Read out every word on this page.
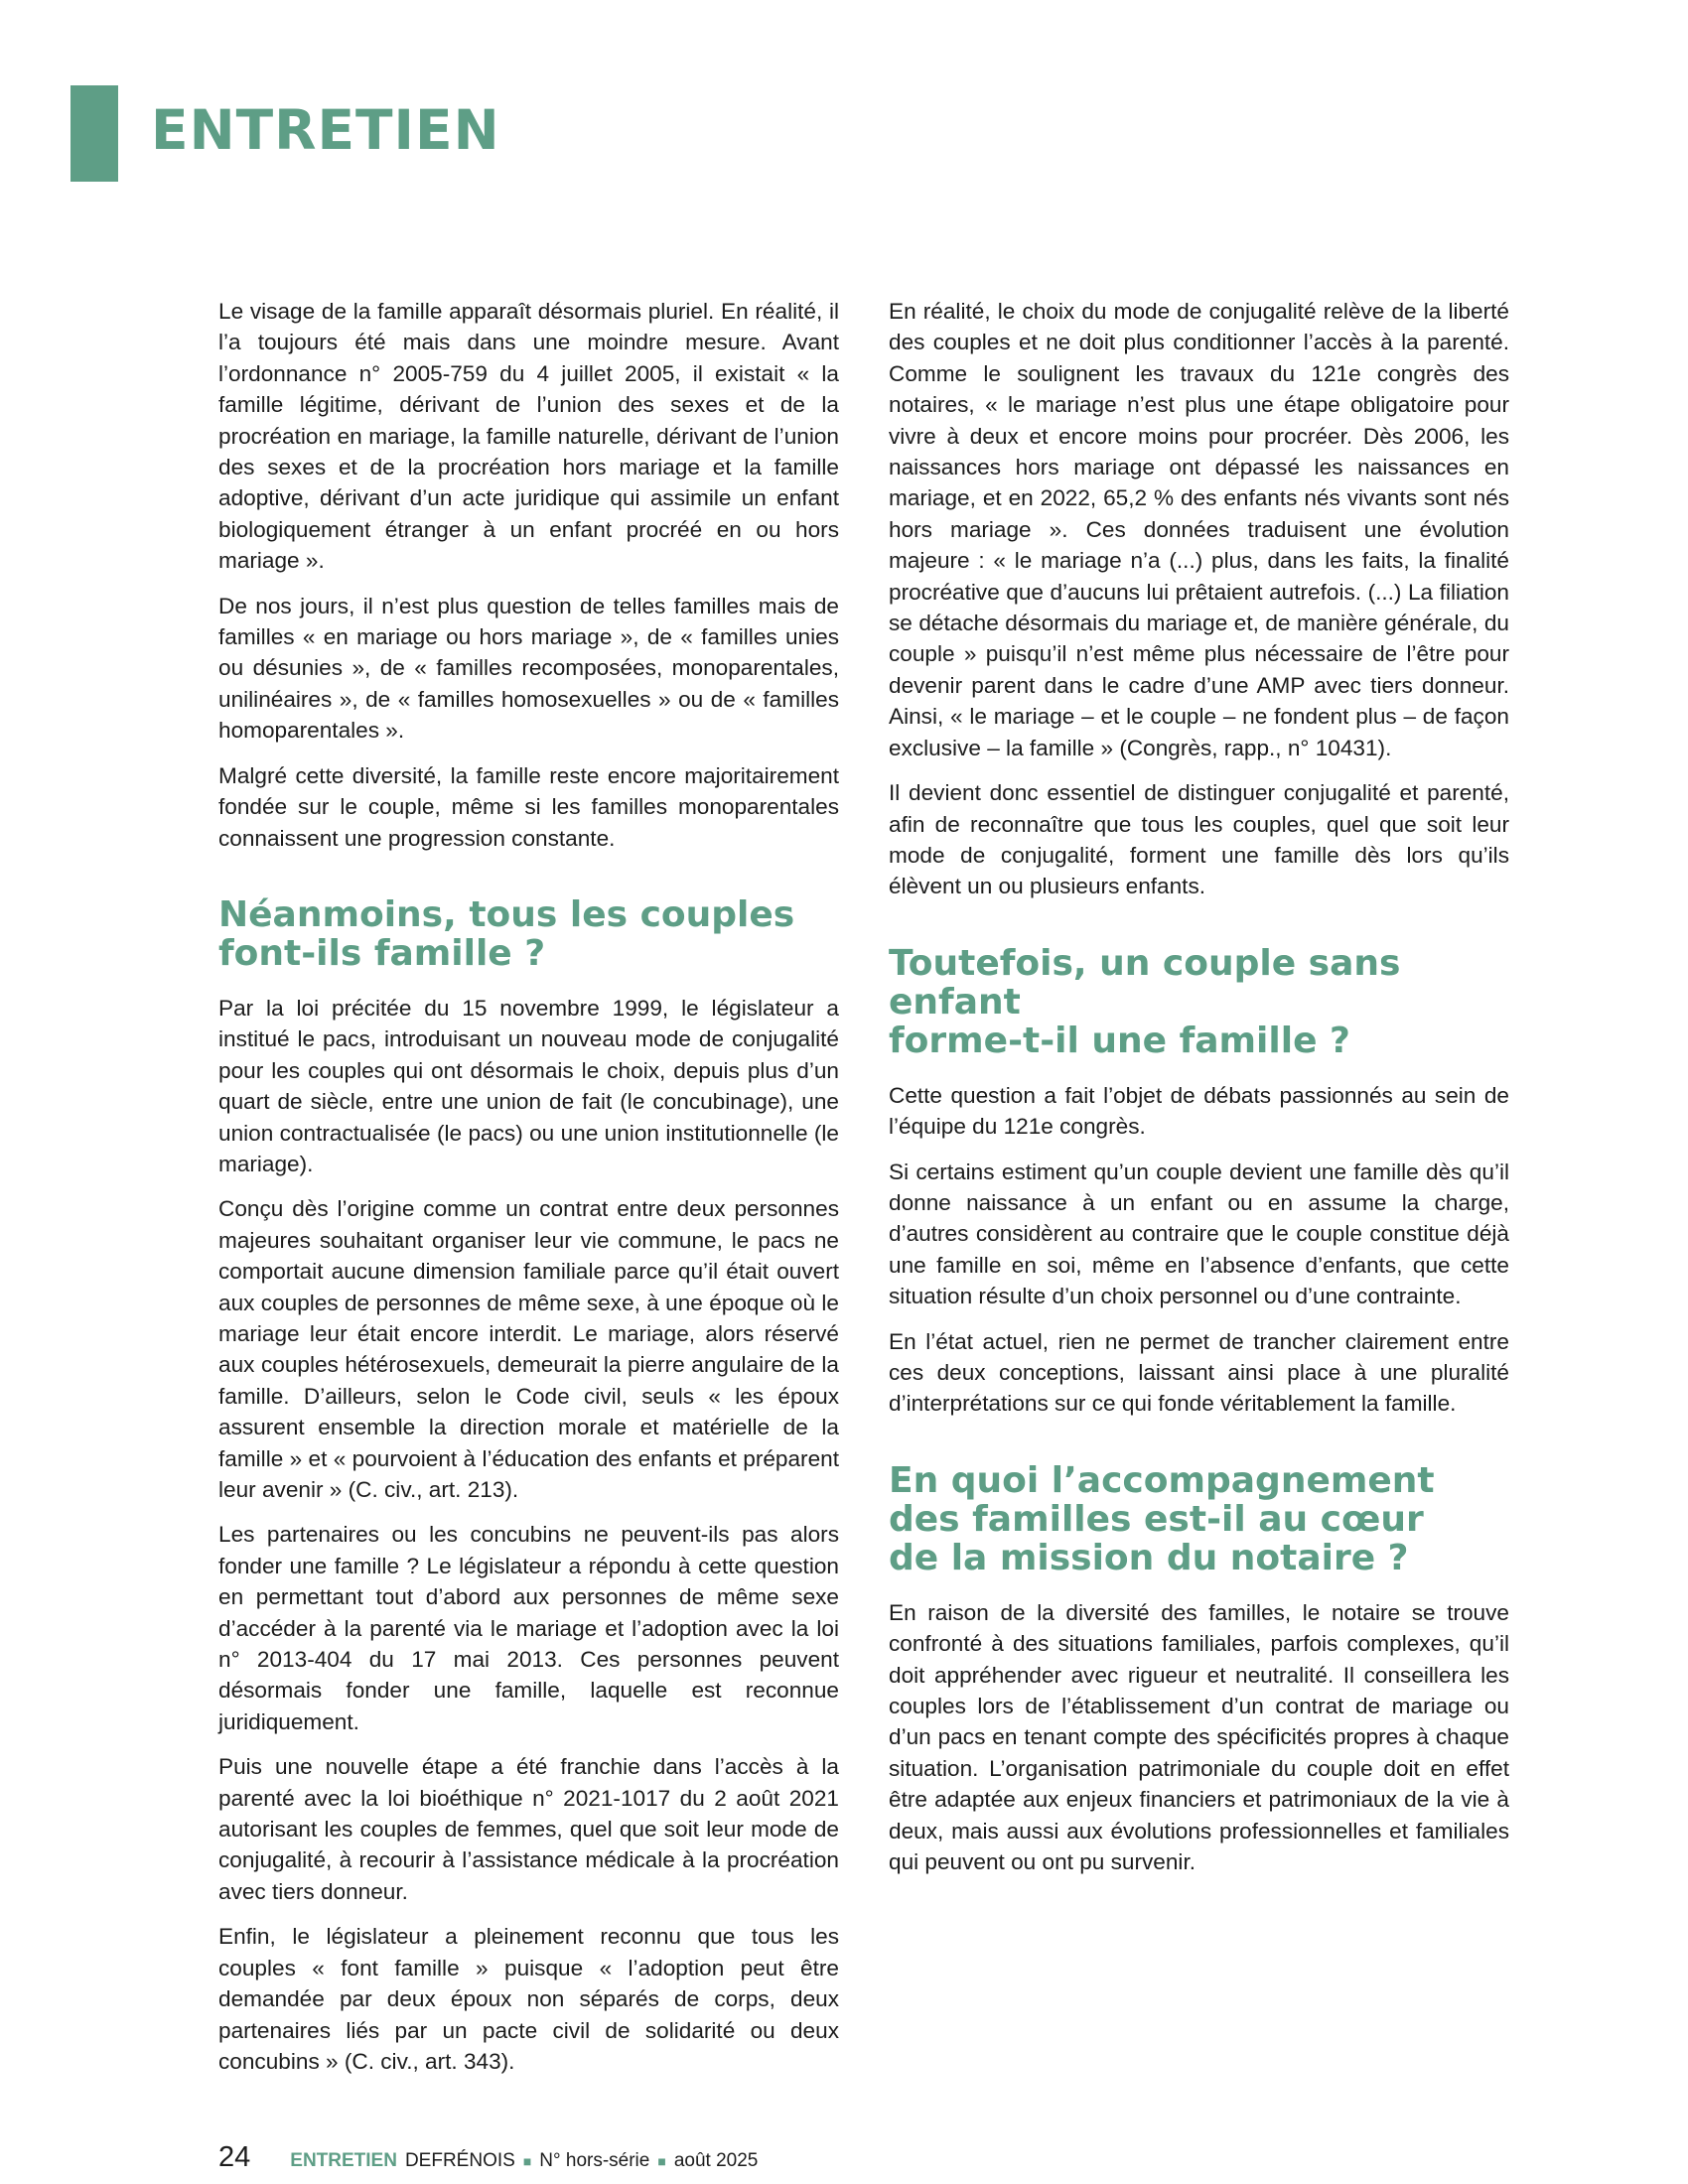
ENTRETIEN

Le visage de la famille apparaît désormais pluriel. En réalité, il l’a toujours été mais dans une moindre mesure. Avant l’ordonnance n° 2005-759 du 4 juillet 2005, il existait « la famille légitime, dérivant de l’union des sexes et de la procréation en mariage, la famille naturelle, dérivant de l’union des sexes et de la procréation hors mariage et la famille adoptive, dérivant d’un acte juridique qui assimile un enfant biologiquement étranger à un enfant procréé en ou hors mariage ».

De nos jours, il n’est plus question de telles familles mais de familles « en mariage ou hors mariage », de « familles unies ou désunies », de « familles recomposées, monoparentales, unilinéaires », de « familles homosexuelles » ou de « familles homoparentales ».

Malgré cette diversité, la famille reste encore majoritairement fondée sur le couple, même si les familles monoparentales connaissent une progression constante.

Néanmoins, tous les couples
font-ils famille ?

Par la loi précitée du 15 novembre 1999, le législateur a institué le pacs, introduisant un nouveau mode de conjugalité pour les couples qui ont désormais le choix, depuis plus d’un quart de siècle, entre une union de fait (le concubinage), une union contractualisée (le pacs) ou une union institutionnelle (le mariage).

Conçu dès l’origine comme un contrat entre deux personnes majeures souhaitant organiser leur vie commune, le pacs ne comportait aucune dimension familiale parce qu’il était ouvert aux couples de personnes de même sexe, à une époque où le mariage leur était encore interdit. Le mariage, alors réservé aux couples hétérosexuels, demeurait la pierre angulaire de la famille. D’ailleurs, selon le Code civil, seuls « les époux assurent ensemble la direction morale et matérielle de la famille » et « pourvoient à l’éducation des enfants et préparent leur avenir » (C. civ., art. 213).

Les partenaires ou les concubins ne peuvent-ils pas alors fonder une famille ? Le législateur a répondu à cette question en permettant tout d’abord aux personnes de même sexe d’accéder à la parenté via le mariage et l’adoption avec la loi n° 2013-404 du 17 mai 2013. Ces personnes peuvent désormais fonder une famille, laquelle est reconnue juridiquement.

Puis une nouvelle étape a été franchie dans l’accès à la parenté avec la loi bioéthique n° 2021-1017 du 2 août 2021 autorisant les couples de femmes, quel que soit leur mode de conjugalité, à recourir à l’assistance médicale à la procréation avec tiers donneur.

Enfin, le législateur a pleinement reconnu que tous les couples « font famille » puisque « l’adoption peut être demandée par deux époux non séparés de corps, deux partenaires liés par un pacte civil de solidarité ou deux concubins » (C. civ., art. 343).

En réalité, le choix du mode de conjugalité relève de la liberté des couples et ne doit plus conditionner l’accès à la parenté. Comme le soulignent les travaux du 121e congrès des notaires, « le mariage n’est plus une étape obligatoire pour vivre à deux et encore moins pour procréer. Dès 2006, les naissances hors mariage ont dépassé les naissances en mariage, et en 2022, 65,2 % des enfants nés vivants sont nés hors mariage ». Ces données traduisent une évolution majeure : « le mariage n’a (...) plus, dans les faits, la finalité procréative que d’aucuns lui prêtaient autrefois. (...) La filiation se détache désormais du mariage et, de manière générale, du couple » puisqu’il n’est même plus nécessaire de l’être pour devenir parent dans le cadre d’une AMP avec tiers donneur. Ainsi, « le mariage – et le couple – ne fondent plus – de façon exclusive – la famille » (Congrès, rapp., n° 10431).

Il devient donc essentiel de distinguer conjugalité et parenté, afin de reconnaître que tous les couples, quel que soit leur mode de conjugalité, forment une famille dès lors qu’ils élèvent un ou plusieurs enfants.

Toutefois, un couple sans enfant
forme-t-il une famille ?

Cette question a fait l’objet de débats passionnés au sein de l’équipe du 121e congrès.

Si certains estiment qu’un couple devient une famille dès qu’il donne naissance à un enfant ou en assume la charge, d’autres considèrent au contraire que le couple constitue déjà une famille en soi, même en l’absence d’enfants, que cette situation résulte d’un choix personnel ou d’une contrainte.

En l’état actuel, rien ne permet de trancher clairement entre ces deux conceptions, laissant ainsi place à une pluralité d’interprétations sur ce qui fonde véritablement la famille.

En quoi l’accompagnement
des familles est-il au cœur
de la mission du notaire ?

En raison de la diversité des familles, le notaire se trouve confronté à des situations familiales, parfois complexes, qu’il doit appréhender avec rigueur et neutralité. Il conseillera les couples lors de l’établissement d’un contrat de mariage ou d’un pacs en tenant compte des spécificités propres à chaque situation. L’organisation patrimoniale du couple doit en effet être adaptée aux enjeux financiers et patrimoniaux de la vie à deux, mais aussi aux évolutions professionnelles et familiales qui peuvent ou ont pu survenir.

24 ENTRETIEN DEFRÉNOIS ■ N° hors-série ■ août 2025
